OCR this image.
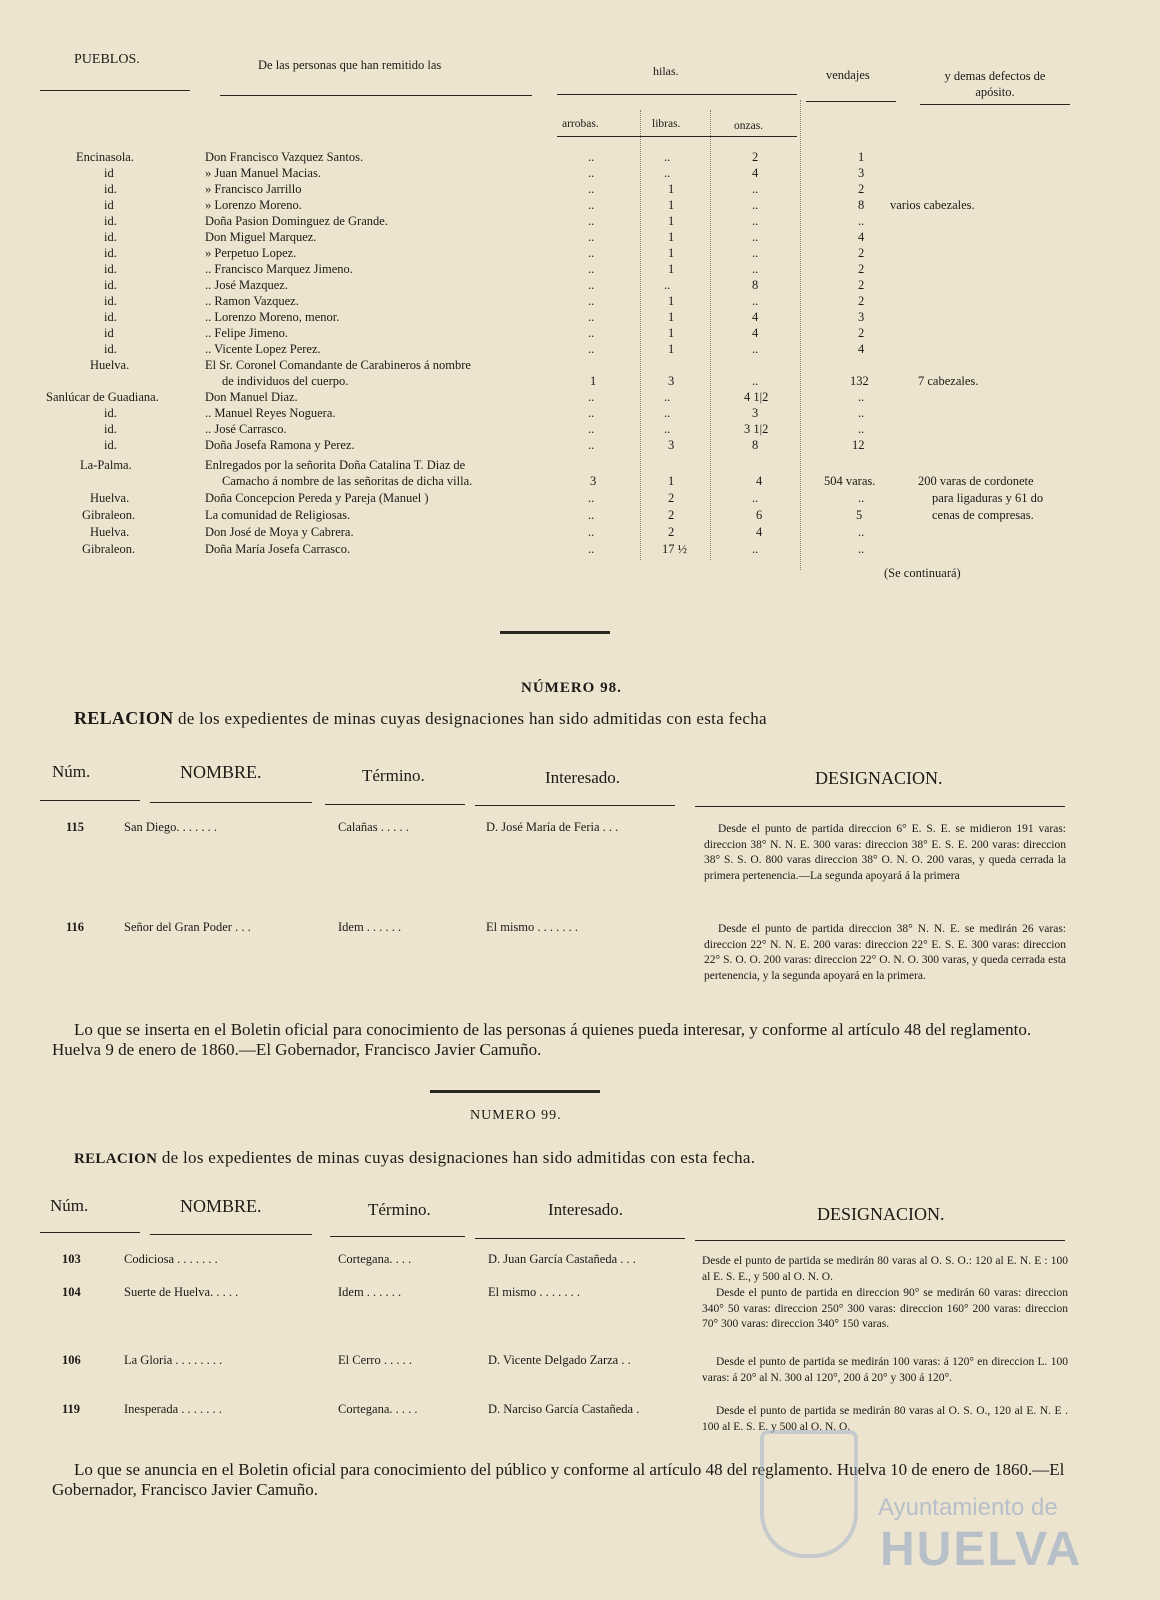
PUEBLOS.	De las personas que han remitido las	hilas.	vendajes	y demas defectos de apósito.
arrobas.	libras.	onzas.
Encinasola.	Don Francisco Vazquez Santos.	..	..	2	1
id	» Juan Manuel Macias.	..	..	4	3
id.	» Francisco Jarrillo	..	1	..	2
id	» Lorenzo Moreno.	..	1	..	8 varios cabezales.
id.	Doña Pasion Dominguez de Grande.	..	1	..	..
id.	Don Miguel Marquez.	..	1	..	4
id.	» Perpetuo Lopez.	..	1	..	2
id.	.. Francisco Marquez Jimeno.	..	1	..	2
id.	.. José Mazquez.	..	..	8	2
id.	.. Ramon Vazquez.	..	1	..	2
id.	.. Lorenzo Moreno, menor.	..	1	4	3
id	.. Felipe Jimeno.	..	1	4	2
id.	.. Vicente Lopez Perez.	..	1	..	4
Huelva.	El Sr. Coronel Comandante de Carabineros á nombre
de individuos del cuerpo.	1	3	..	132	7 cabezales.
Sanlúcar de Guadiana.	Don Manuel Diaz.	..	..	4 1|2	..
id.	.. Manuel Reyes Noguera.	..	..	3	..
id.	.. José Carrasco.	..	..	3 1|2	..
id.	Doña Josefa Ramona y Perez.	..	3	8	12
La-Palma.	Enlregados por la señorita Doña Catalina T. Diaz de
Camacho á nombre de las señoritas de dicha villa.	3	1	4	504 varas.	200 varas de cordonete
Huelva.	Doña Concepcion Pereda y Pareja (Manuel )	..	2	..	..	para ligaduras y 61 do
Gibraleon.	La comunidad de Religiosas.	..	2	6	5	cenas de compresas.
Huelva.	Don José de Moya y Cabrera.	..	2	4	..
Gibraleon.	Doña María Josefa Carrasco.	..	17 ½	..	..
(Se continuará)
NÚMERO 98.
RELACION de los expedientes de minas cuyas designaciones han sido admitidas con esta fecha
Núm.	NOMBRE.	Término.	Interesado.	DESIGNACION.
115	San Diego. . . . . . .	Calañas . . . . .	D. José María de Feria . . .	Desde el punto de partida direccion 6° E. S. E. se midieron 191 varas: direccion 38° N. N. E. 300 varas: direccion 38° E. S. E. 200 varas: direccion 38° S. S. O. 800 varas direccion 38° O. N. O. 200 varas, y queda cerrada la primera pertenencia.—La segunda apoyará á la primera
116	Señor del Gran Poder . . .	Idem . . . . . .	El mismo . . . . . . .	Desde el punto de partida direccion 38° N. N. E. se medirán 26 varas: direccion 22° N. N. E. 200 varas: direccion 22° E. S. E. 300 varas: direccion 22° S. O. O. 200 varas: direccion 22° O. N. O. 300 varas, y queda cerrada esta pertenencia, y la segunda apoyará en la primera.
Lo que se inserta en el Boletin oficial para conocimiento de las personas á quienes pueda interesar, y conforme al artículo 48 del reglamento. Huelva 9 de enero de 1860.—El Gobernador, Francisco Javier Camuño.
NUMERO 99.
RELACION de los expedientes de minas cuyas designaciones han sido admitidas con esta fecha.
Núm.	NOMBRE.	Término.	Interesado.	DESIGNACION.
103	Codiciosa . . . . . . .	Cortegana. . . .	D. Juan García Castañeda . . .	Desde el punto de partida se medirán 80 varas al O. S. O.: 120 al E. N. E : 100 al E. S. E., y 500 al O. N. O.
104	Suerte de Huelva. . . . .	Idem . . . . . .	El mismo . . . . . . .	Desde el punto de partida en direccion 90° se medirán 60 varas: direccion 340° 50 varas: direccion 250° 300 varas: direccion 160° 200 varas: direccion 70° 300 varas: direccion 340° 150 varas.
106	La Gloria . . . . . . . .	El Cerro . . . . .	D. Vicente Delgado Zarza . .	Desde el punto de partida se medirán 100 varas: á 120° en direccion L. 100 varas: á 20° al N. 300 al 120°, 200 á 20° y 300 á 120°.
119	Inesperada . . . . . . .	Cortegana. . . . .	D. Narciso García Castañeda .	Desde el punto de partida se medirán 80 varas al O. S. O., 120 al E. N. E . 100 al E. S. E. y 500 al O. N. O.
Lo que se anuncia en el Boletin oficial para conocimiento del público y conforme al artículo 48 del reglamento. Huelva 10 de enero de 1860.—El Gobernador, Francisco Javier Camuño.
Ayuntamiento de
HUELVA
